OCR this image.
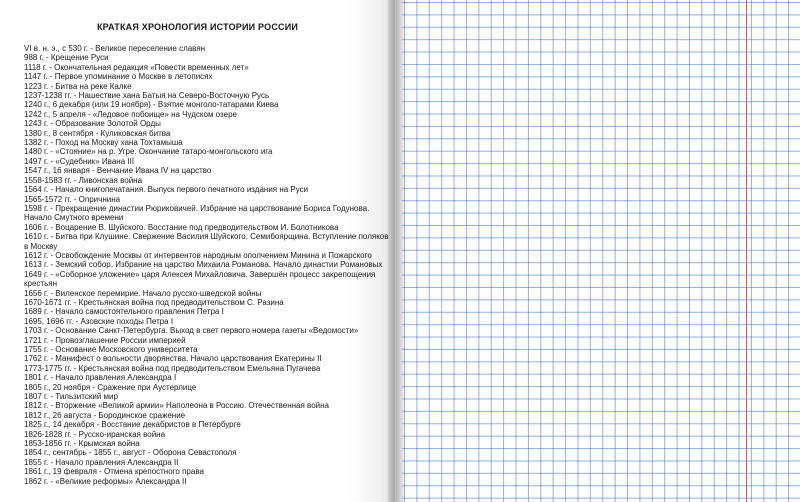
КРАТКАЯ ХРОНОЛОГИЯ ИСТОРИИ РОССИИ
VI в. н. э., с 530 г. - Великое переселение славян
988 г. - Крещение Руси
1118 г. - Окончательная редакция «Повести временных лет»
1147 г. - Первое упоминание о Москве в летописях
1223 г. - Битва на реке Калке
1237-1238 гг. - Нашествие хана Батыя на Северо-Восточную Русь
1240 г., 6 декабря (или 19 ноября) - Взятие монголо-татарами Киева
1242 г., 5 апреля - «Ледовое побоище» на Чудском озере
1243 г. - Образование Золотой Орды
1380 г., 8 сентября - Куликовская битва
1382 г. - Поход на Москву хана Тохтамыша
1480 г. - «Стояние» на р. Угре. Окончание татаро-монгольского ига
1497 г. - «Судебник» Ивана III
1547 г., 16 января - Венчание Ивана IV на царство
1558-1583 гг. - Ливонская война
1564 г. - Начало книгопечатания. Выпуск первого печатного издания на Руси
1565-1572 гг. - Опричнина
1598 г. - Прекращение династии Рюриковичей. Избрание на царствование Бориса Годунова. Начало Смутного времени
1606 г. - Воцарение В. Шуйского. Восстание под предводительством И. Болотникова
1610 г. - Битва при Клушине. Свержение Василия Шуйского. Семибоярщина. Вступление поляков в Москву
1612 г. - Освобождение Москвы от интервентов народным ополчением Минина и Пожарского
1613 г. - Земский собор. Избрание на царство Михаила Романова. Начало династии Романовых
1649 г. - «Соборное уложение» царя Алексея Михайловича. Завершён процесс закрепощения крестьян
1656 г. - Виленское перемирие. Начало русско-шведской войны
1670-1671 гг. - Крестьянская война под предводительством С. Разина
1689 г. - Начало самостоятельного правления Петра I
1695, 1696 гг. - Азовские походы Петра I
1703 г. - Основание Санкт-Петербурга. Выход в свет первого номера газеты «Ведомости»
1721 г. - Провозглашение России империей
1755 г. - Основание Московского университета
1762 г. - Манифест о вольности дворянства. Начало царствования Екатерины II
1773-1775 гг. - Крестьянская война под предводительством Емельяна Пугачева
1801 г. - Начало правления Александра I
1805 г., 20 ноября - Сражение при Аустерлице
1807 г. - Тильзитский мир
1812 г. - Вторжение «Великой армии» Наполеона в Россию. Отечественная война
1812 г., 26 августа - Бородинское сражение
1825 г., 14 декабря - Восстание декабристов в Петербурге
1826-1828 гг. - Русско-иранская война
1853-1856 гг. - Крымская война
1854 г., сентябрь - 1855 г., август - Оборона Севастополя
1855 г. - Начало правления Александра II
1861 г., 19 февраля - Отмена крепостного права
1862 г. - «Великие реформы» Александра II
